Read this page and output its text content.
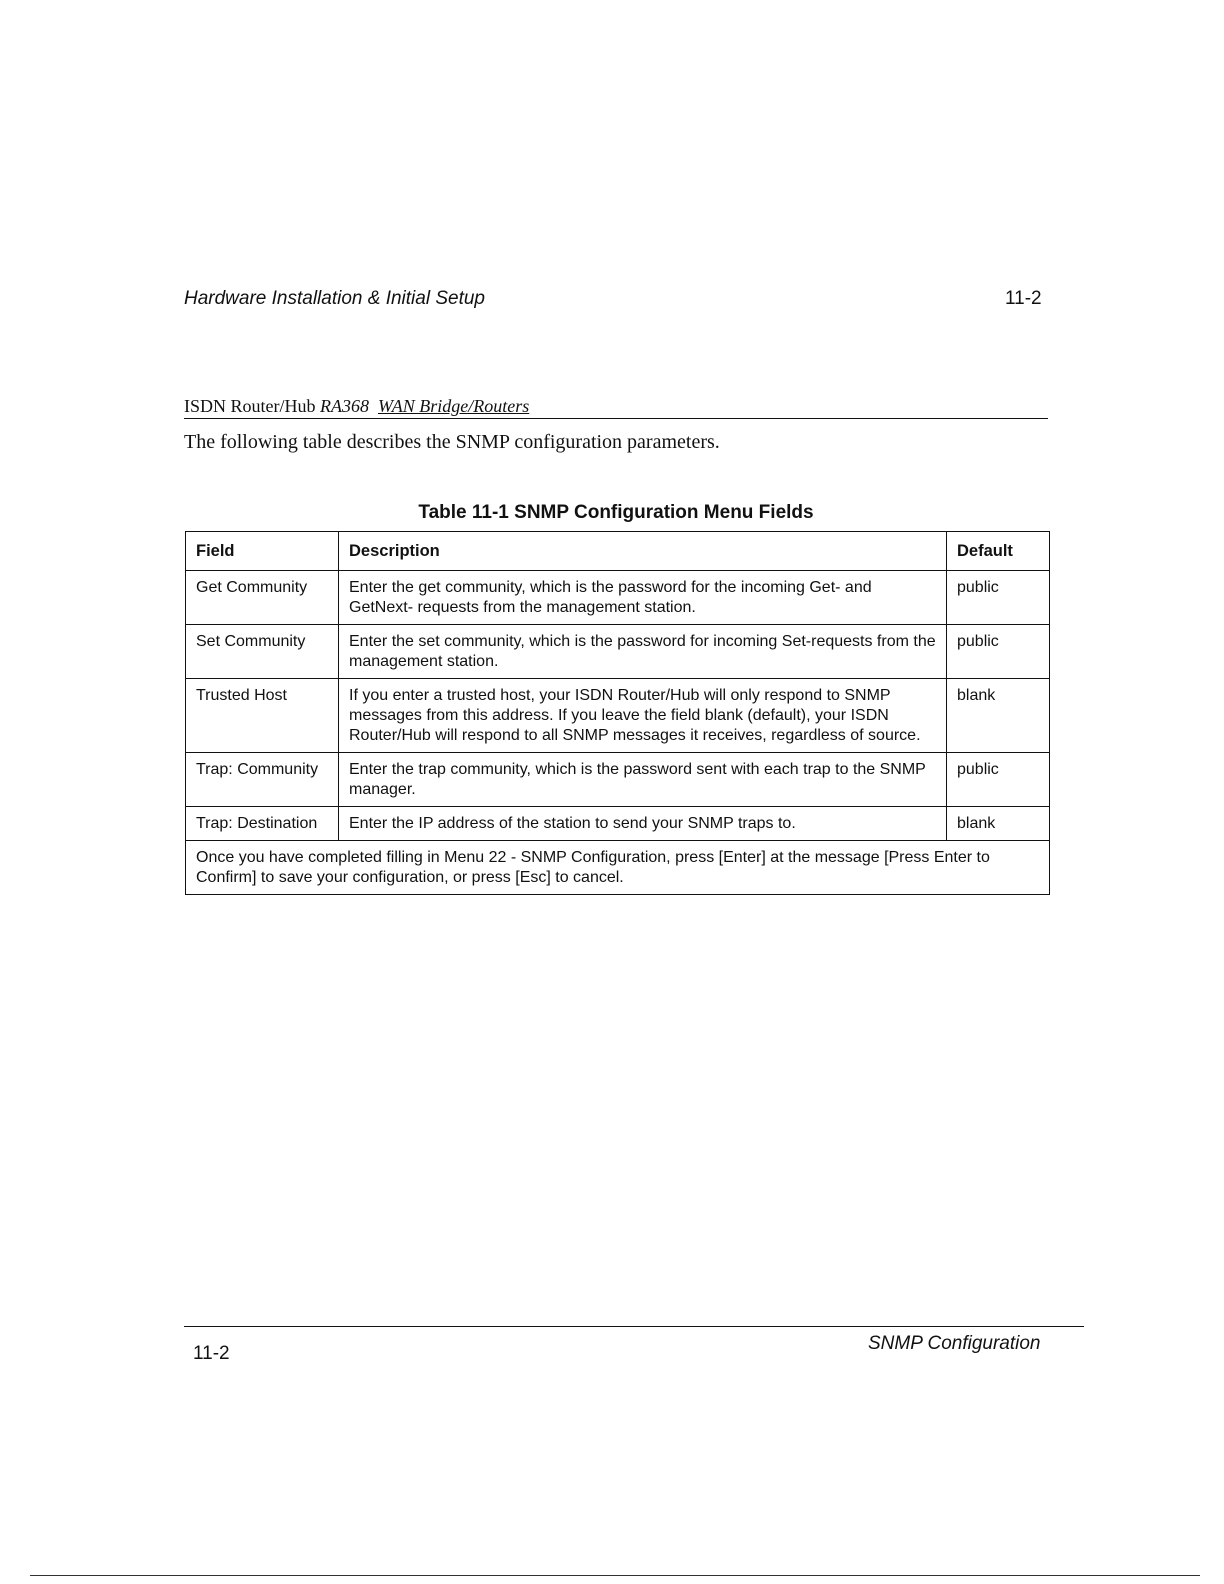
Hardware Installation & Initial Setup	11-2
ISDN Router/Hub RA368 WAN Bridge/Routers
The following table describes the SNMP configuration parameters.
Table 11-1 SNMP Configuration Menu Fields
Field	Description	Default
Get Community	Enter the get community, which is the password for the incoming Get- and GetNext- requests from the management station.	public
Set Community	Enter the set community, which is the password for incoming Set-requests from the management station.	public
Trusted Host	If you enter a trusted host, your ISDN Router/Hub will only respond to SNMP messages from this address. If you leave the field blank (default), your ISDN Router/Hub will respond to all SNMP messages it receives, regardless of source.	blank
Trap: Community	Enter the trap community, which is the password sent with each trap to the SNMP manager.	public
Trap: Destination	Enter the IP address of the station to send your SNMP traps to.	blank
Once you have completed filling in Menu 22 - SNMP Configuration, press [Enter] at the message [Press Enter to Confirm] to save your configuration, or press [Esc] to cancel.		
11-2	SNMP Configuration
